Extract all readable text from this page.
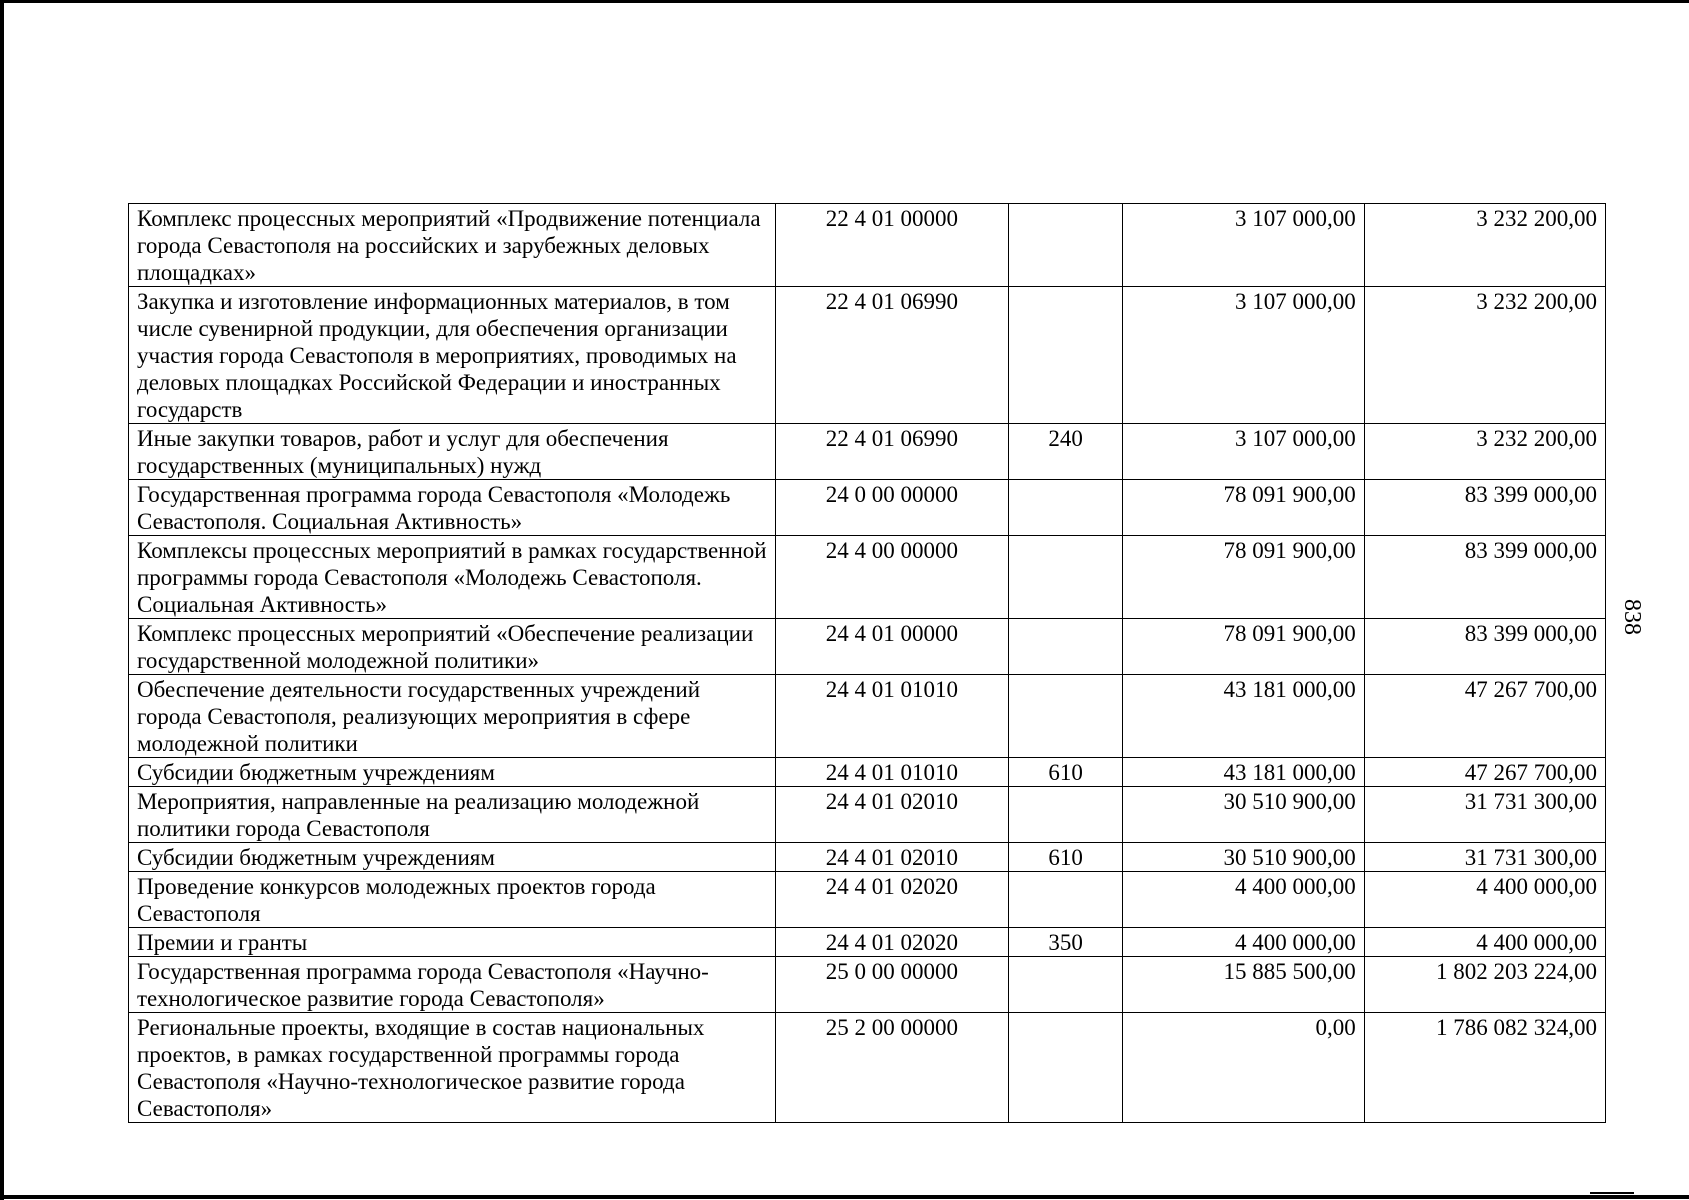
Комплекс процессных мероприятий «Продвижение потенциала города Севастополя на российских и зарубежных деловых площадках»	22 4 01 00000		3 107 000,00	3 232 200,00
Закупка и изготовление информационных материалов, в том числе сувенирной продукции, для обеспечения организации участия города Севастополя в мероприятиях, проводимых на деловых площадках Российской Федерации и иностранных государств	22 4 01 06990		3 107 000,00	3 232 200,00
Иные закупки товаров, работ и услуг для обеспечения государственных (муниципальных) нужд	22 4 01 06990	240	3 107 000,00	3 232 200,00
Государственная программа города Севастополя «Молодежь Севастополя. Социальная Активность»	24 0 00 00000		78 091 900,00	83 399 000,00
Комплексы процессных мероприятий в рамках государственной программы города Севастополя «Молодежь Севастополя. Социальная Активность»	24 4 00 00000		78 091 900,00	83 399 000,00
Комплекс процессных мероприятий «Обеспечение реализации государственной молодежной политики»	24 4 01 00000		78 091 900,00	83 399 000,00
Обеспечение деятельности государственных учреждений города Севастополя, реализующих мероприятия в сфере молодежной политики	24 4 01 01010		43 181 000,00	47 267 700,00
Субсидии бюджетным учреждениям	24 4 01 01010	610	43 181 000,00	47 267 700,00
Мероприятия, направленные на реализацию молодежной политики города Севастополя	24 4 01 02010		30 510 900,00	31 731 300,00
Субсидии бюджетным учреждениям	24 4 01 02010	610	30 510 900,00	31 731 300,00
Проведение конкурсов молодежных проектов города Севастополя	24 4 01 02020		4 400 000,00	4 400 000,00
Премии и гранты	24 4 01 02020	350	4 400 000,00	4 400 000,00
Государственная программа города Севастополя «Научно-технологическое развитие города Севастополя»	25 0 00 00000		15 885 500,00	1 802 203 224,00
Региональные проекты, входящие в состав национальных проектов, в рамках государственной программы города Севастополя «Научно-технологическое развитие города Севастополя»	25 2 00 00000		0,00	1 786 082 324,00
838
